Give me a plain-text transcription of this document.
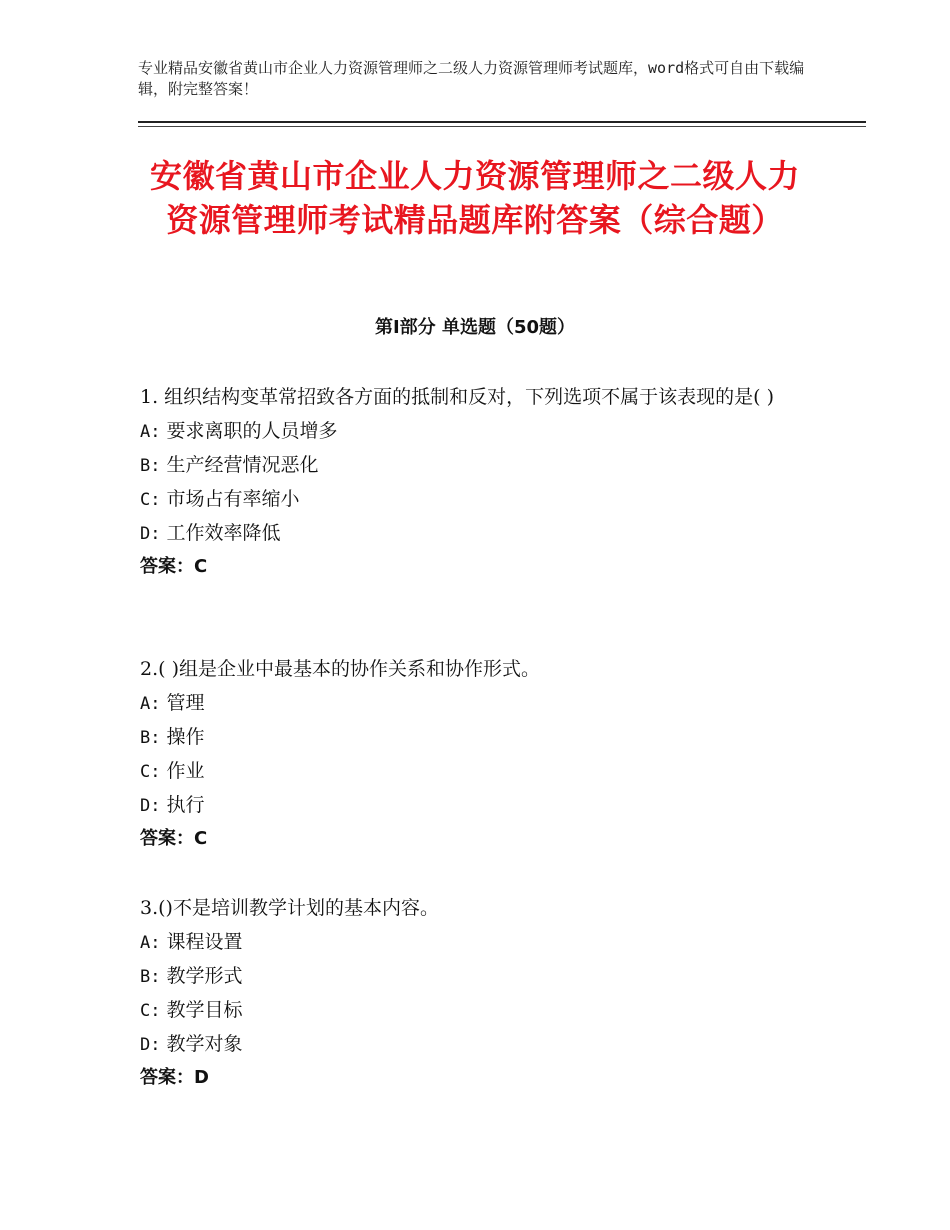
专业精品安徽省黄山市企业人力资源管理师之二级人力资源管理师考试题库，word格式可自由下载编辑，附完整答案！
安徽省黄山市企业人力资源管理师之二级人力资源管理师考试精品题库附答案（综合题）
第Ⅰ部分 单选题（50题）

1. 组织结构变革常招致各方面的抵制和反对，下列选项不属于该表现的是( )

A: 要求离职的人员增多

B: 生产经营情况恶化

C: 市场占有率缩小

D: 工作效率降低

答案：C

2.( )组是企业中最基本的协作关系和协作形式。

A: 管理

B: 操作

C: 作业

D: 执行

答案：C

3.()不是培训教学计划的基本内容。

A: 课程设置

B: 教学形式

C: 教学目标

D: 教学对象

答案：D
